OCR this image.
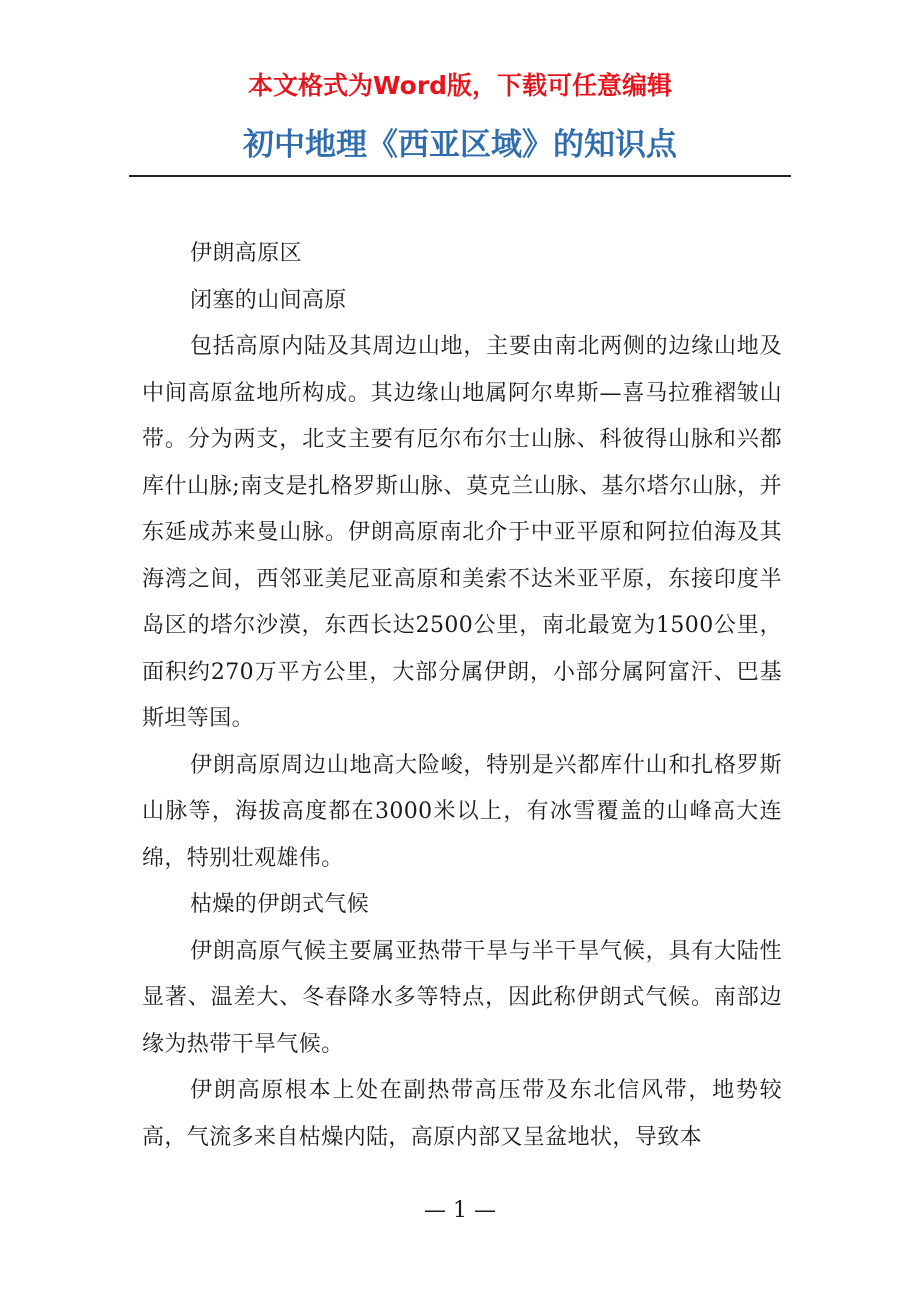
本文格式为Word版，下载可任意编辑
初中地理《西亚区域》的知识点

伊朗高原区

闭塞的山间高原

包括高原内陆及其周边山地，主要由南北两侧的边缘山地及中间高原盆地所构成。其边缘山地属阿尔卑斯—喜马拉雅褶皱山带。分为两支，北支主要有厄尔布尔士山脉、科彼得山脉和兴都库什山脉;南支是扎格罗斯山脉、莫克兰山脉、基尔塔尔山脉，并东延成苏来曼山脉。伊朗高原南北介于中亚平原和阿拉伯海及其海湾之间，西邻亚美尼亚高原和美索不达米亚平原，东接印度半岛区的塔尔沙漠，东西长达2500公里，南北最宽为1500公里，面积约270万平方公里，大部分属伊朗，小部分属阿富汗、巴基斯坦等国。

伊朗高原周边山地高大险峻，特别是兴都库什山和扎格罗斯山脉等，海拔高度都在3000米以上，有冰雪覆盖的山峰高大连绵，特别壮观雄伟。

枯燥的伊朗式气候

伊朗高原气候主要属亚热带干旱与半干旱气候，具有大陆性显著、温差大、冬春降水多等特点，因此称伊朗式气候。南部边缘为热带干旱气候。

伊朗高原根本上处在副热带高压带及东北信风带，地势较高，气流多来自枯燥内陆，高原内部又呈盆地状，导致本

— 1 —
